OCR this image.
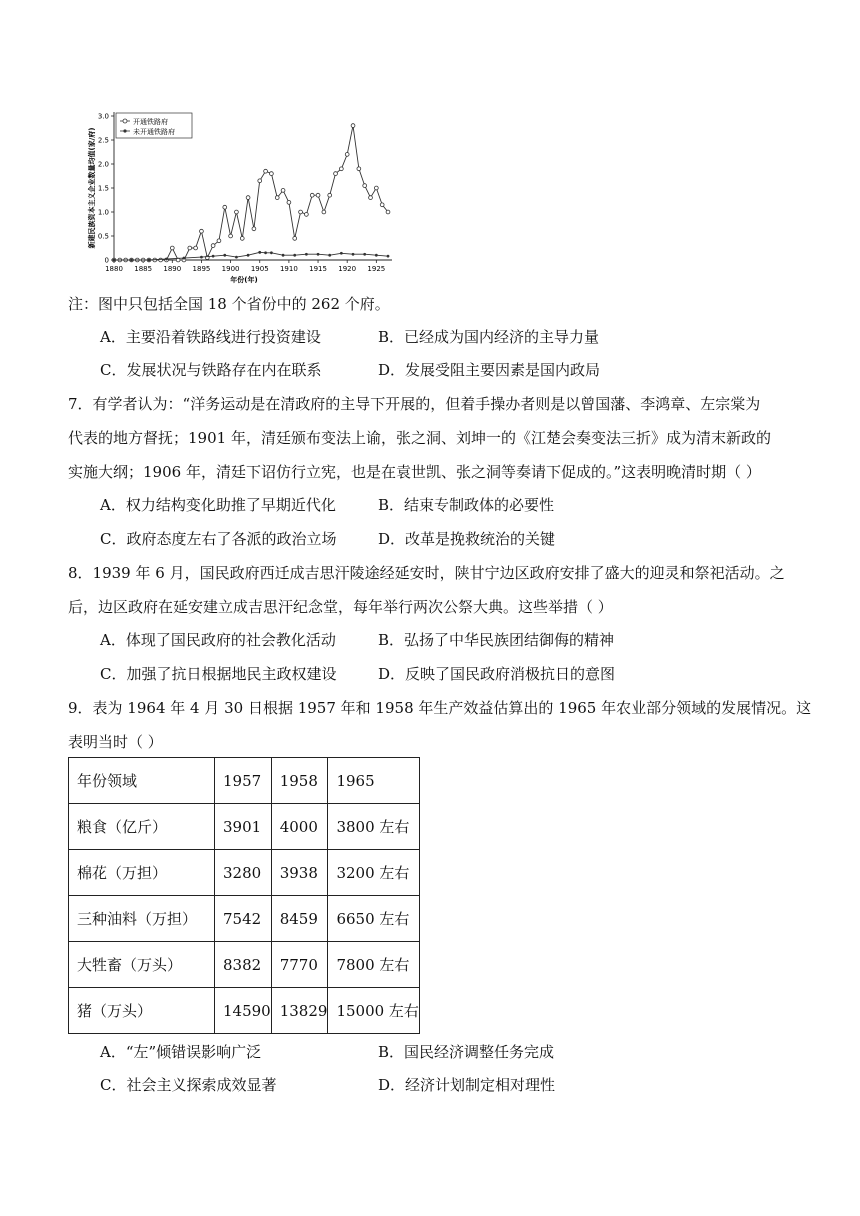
新建民族资本主义企业数量均值(家/府)
年份(年)
0
0.5
1.0
1.5
2.0
2.5
3.0
1880 1885 1890 1895 1900 1905 1910 1915 1920 1925
开通铁路府
未开通铁路府
注：图中只包括全国 18 个省份中的 262 个府。
A．主要沿着铁路线进行投资建设	B．已经成为国内经济的主导力量
C．发展状况与铁路存在内在联系	D．发展受阻主要因素是国内政局
7．有学者认为：“洋务运动是在清政府的主导下开展的，但着手操办者则是以曾国藩、李鸿章、左宗棠为
代表的地方督抚；1901 年，清廷颁布变法上谕，张之洞、刘坤一的《江楚会奏变法三折》成为清末新政的
实施大纲；1906 年，清廷下诏仿行立宪，也是在袁世凯、张之洞等奏请下促成的。”这表明晚清时期（ ）
A．权力结构变化助推了早期近代化	B．结束专制政体的必要性
C．政府态度左右了各派的政治立场	D．改革是挽救统治的关键
8．1939 年 6 月，国民政府西迁成吉思汗陵途经延安时，陕甘宁边区政府安排了盛大的迎灵和祭祀活动。之
后，边区政府在延安建立成吉思汗纪念堂，每年举行两次公祭大典。这些举措（ ）
A．体现了国民政府的社会教化活动	B．弘扬了中华民族团结御侮的精神
C．加强了抗日根据地民主政权建设	D．反映了国民政府消极抗日的意图
9．表为 1964 年 4 月 30 日根据 1957 年和 1958 年生产效益估算出的 1965 年农业部分领域的发展情况。这
表明当时（ ）
年份领域	1957	1958	1965
粮食（亿斤）	3901	4000	3800 左右
棉花（万担）	3280	3938	3200 左右
三种油料（万担）	7542	8459	6650 左右
大牲畜（万头）	8382	7770	7800 左右
猪（万头）	14590	13829	15000 左右
A．“左”倾错误影响广泛	B．国民经济调整任务完成
C．社会主义探索成效显著	D．经济计划制定相对理性
